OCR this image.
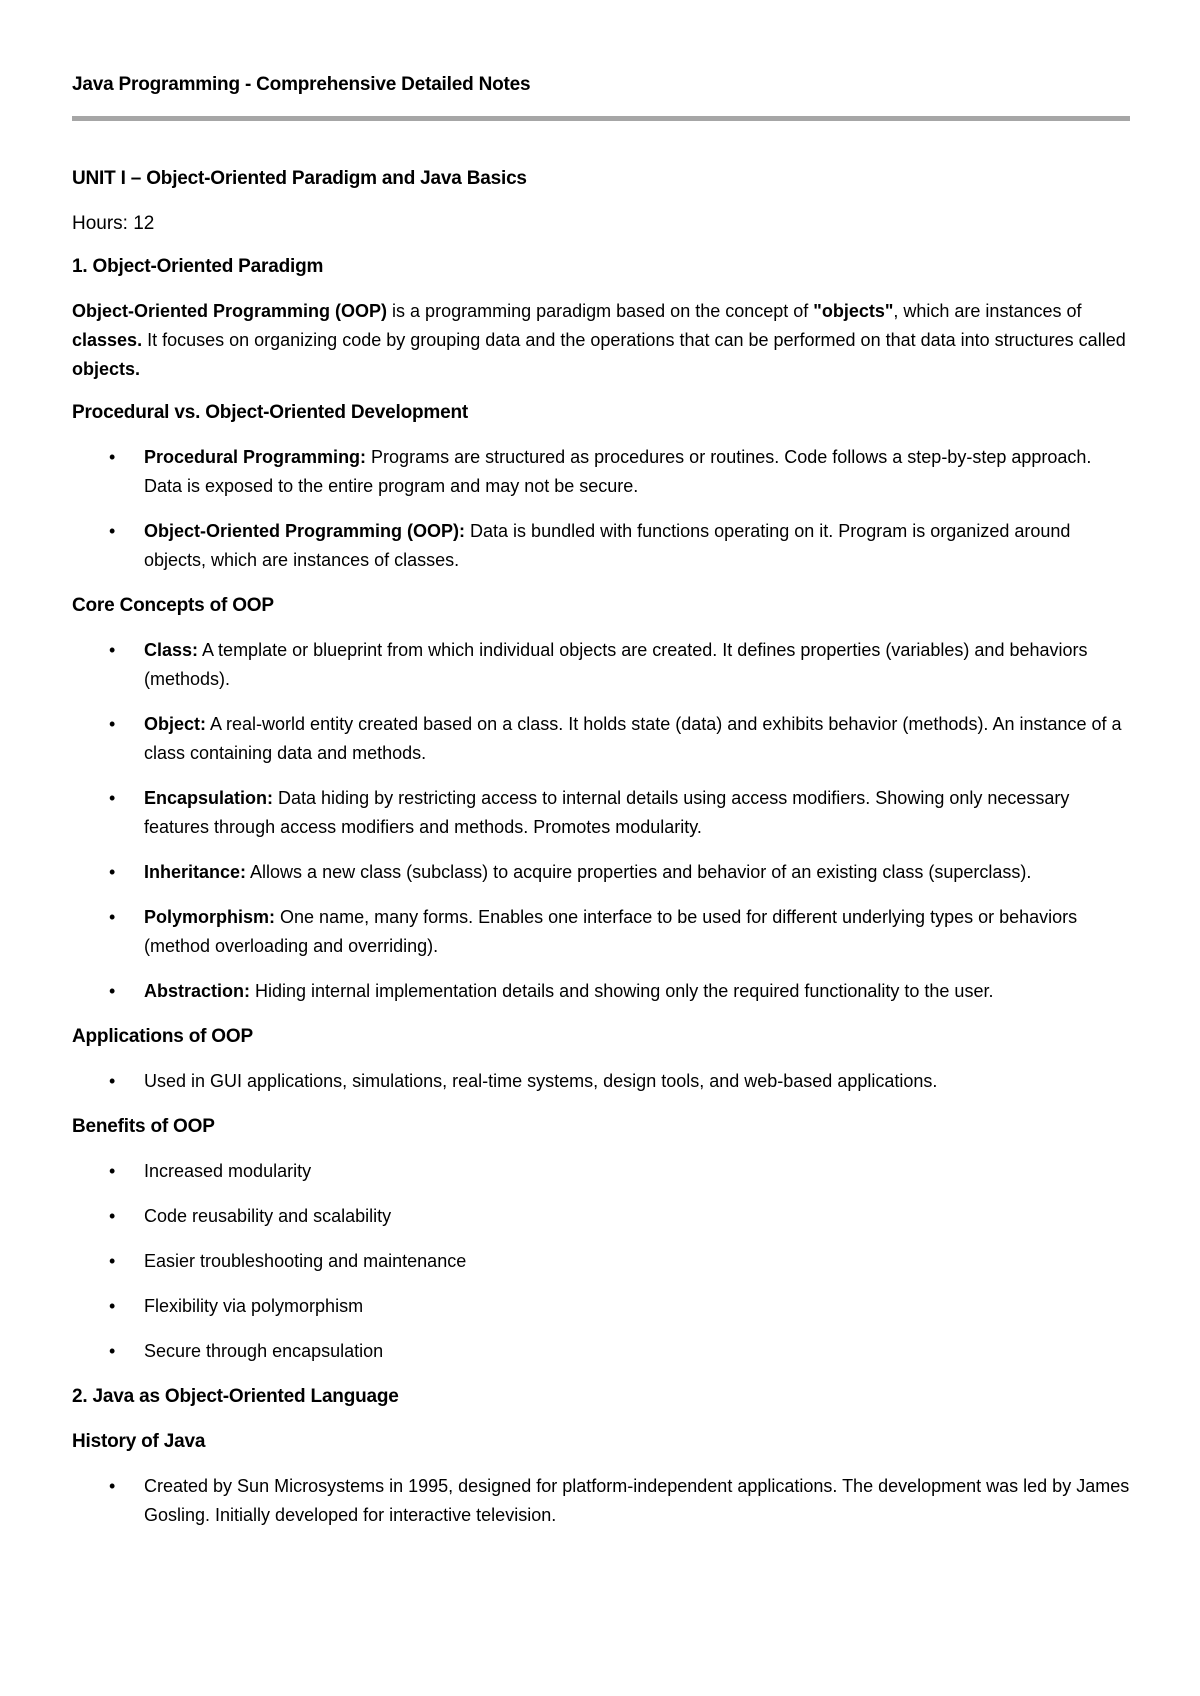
Java Programming - Comprehensive Detailed Notes
UNIT I – Object-Oriented Paradigm and Java Basics
Hours: 12
1. Object-Oriented Paradigm
Object-Oriented Programming (OOP) is a programming paradigm based on the concept of "objects", which are instances of classes. It focuses on organizing code by grouping data and the operations that can be performed on that data into structures called objects.
Procedural vs. Object-Oriented Development
• Procedural Programming: Programs are structured as procedures or routines. Code follows a step-by-step approach. Data is exposed to the entire program and may not be secure.
• Object-Oriented Programming (OOP): Data is bundled with functions operating on it. Program is organized around objects, which are instances of classes.
Core Concepts of OOP
• Class: A template or blueprint from which individual objects are created. It defines properties (variables) and behaviors (methods).
• Object: A real-world entity created based on a class. It holds state (data) and exhibits behavior (methods). An instance of a class containing data and methods.
• Encapsulation: Data hiding by restricting access to internal details using access modifiers. Showing only necessary features through access modifiers and methods. Promotes modularity.
• Inheritance: Allows a new class (subclass) to acquire properties and behavior of an existing class (superclass).
• Polymorphism: One name, many forms. Enables one interface to be used for different underlying types or behaviors (method overloading and overriding).
• Abstraction: Hiding internal implementation details and showing only the required functionality to the user.
Applications of OOP
• Used in GUI applications, simulations, real-time systems, design tools, and web-based applications.
Benefits of OOP
• Increased modularity
• Code reusability and scalability
• Easier troubleshooting and maintenance
• Flexibility via polymorphism
• Secure through encapsulation
2. Java as Object-Oriented Language
History of Java
• Created by Sun Microsystems in 1995, designed for platform-independent applications. The development was led by James Gosling. Initially developed for interactive television.
